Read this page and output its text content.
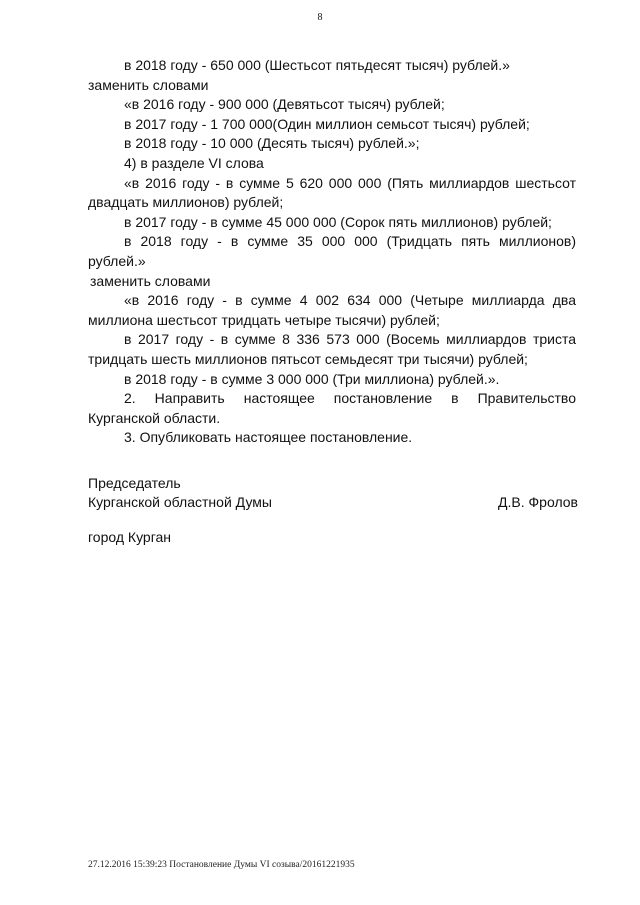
8

в 2018 году - 650 000 (Шестьсот пятьдесят тысяч) рублей.»

заменить словами

«в 2016 году - 900 000 (Девятьсот тысяч) рублей;

в 2017 году - 1 700 000(Один миллион семьсот тысяч) рублей;

в 2018 году - 10 000 (Десять тысяч) рублей.»;

4) в разделе VI слова

«в 2016 году - в сумме 5 620 000 000 (Пять миллиардов шестьсот двадцать миллионов) рублей;

в 2017 году - в сумме 45 000 000 (Сорок пять миллионов) рублей;

в 2018 году - в сумме 35 000 000 (Тридцать пять миллионов) рублей.»

заменить словами

«в 2016 году - в сумме 4 002 634 000 (Четыре миллиарда два миллиона шестьсот тридцать четыре тысячи) рублей;

в 2017 году - в сумме 8 336 573 000 (Восемь миллиардов триста тридцать шесть миллионов пятьсот семьдесят три тысячи) рублей;

в 2018 году - в сумме 3 000 000 (Три миллиона) рублей.».

2. Направить настоящее постановление в Правительство Курганской области.

3. Опубликовать настоящее постановление.

Председатель
Курганской областной Думы	Д.В. Фролов
город Курган
27.12.2016 15:39:23 Постановление Думы VI созыва/20161221935
